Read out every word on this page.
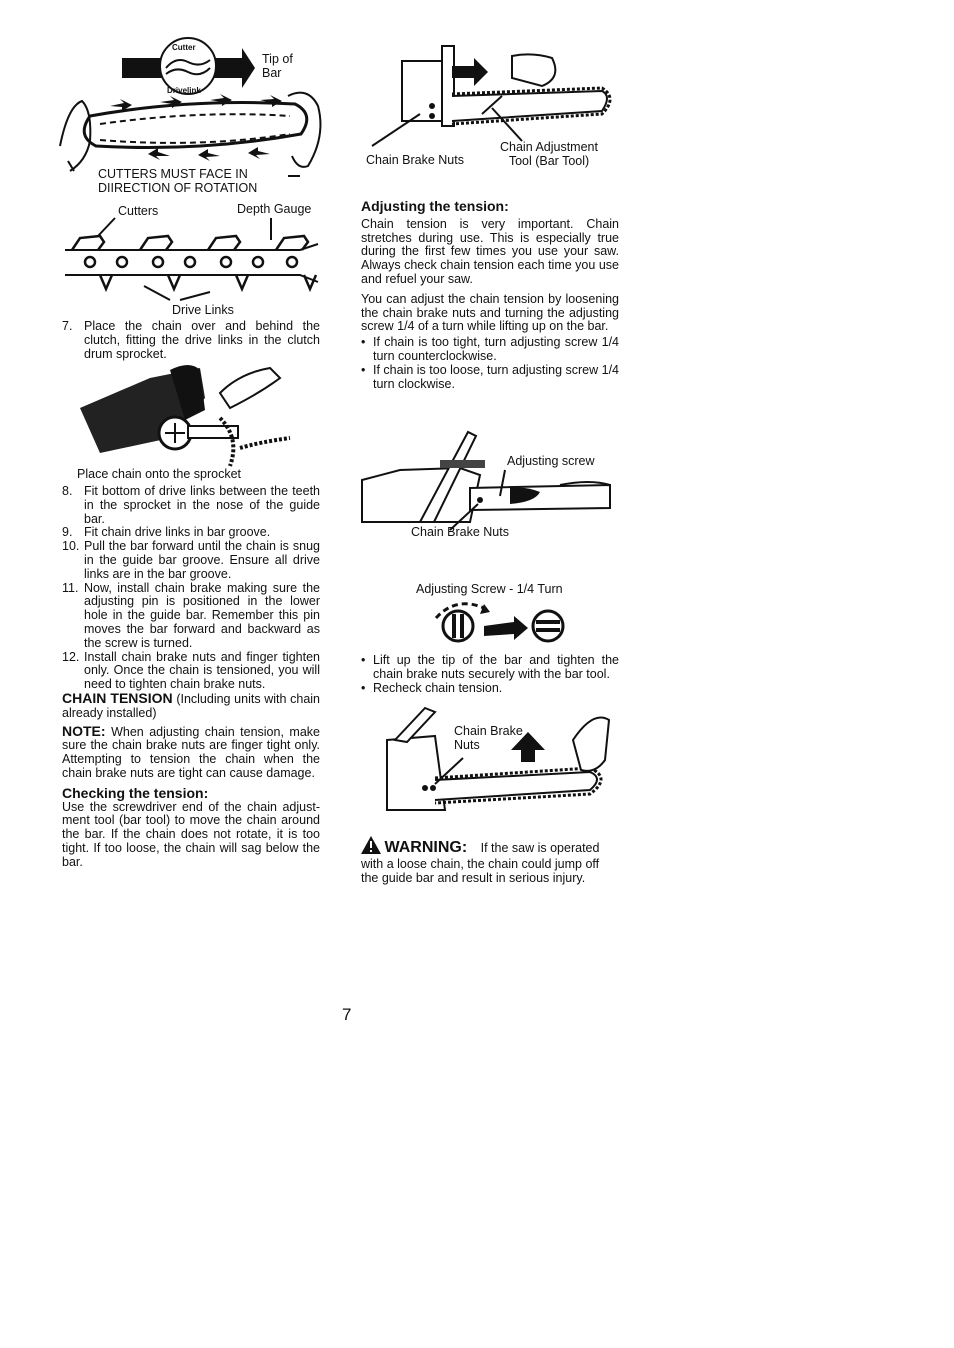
Cutter
Drivelink
Tip of Bar
CUTTERS MUST FACE IN
DIIRECTION OF ROTATION
Cutters	Depth Gauge
Drive Links
7. Place the chain over and behind the clutch, fitting the drive links in the clutch drum sprocket.
Place chain onto the sprocket
8. Fit bottom of drive links between the teeth in the sprocket in the nose of the guide bar.
9. Fit chain drive links in bar groove.
10. Pull the bar forward until the chain is snug in the guide bar groove. Ensure all drive links are in the bar groove.
11. Now, install chain brake making sure the adjusting pin is positioned in the lower hole in the guide bar. Remember this pin moves the bar forward and backward as the screw is turned.
12. Install chain brake nuts and finger tighten only. Once the chain is tensioned, you will need to tighten chain brake nuts.
CHAIN TENSION (Including units with chain already installed)
NOTE: When adjusting chain tension, make sure the chain brake nuts are finger tight only. Attempting to tension the chain when the chain brake nuts are tight can cause damage.
Checking the tension:
Use the screwdriver end of the chain adjust- ment tool (bar tool) to move the chain around the bar. If the chain does not rotate, it is too tight. If too loose, the chain will sag below the bar.
Chain Brake Nuts
Chain Adjustment
Tool (Bar Tool)
Adjusting the tension:
Chain tension is very important. Chain stretches during use. This is especially true during the first few times you use your saw. Always check chain tension each time you use and refuel your saw.
You can adjust the chain tension by loosening the chain brake nuts and turning the adjusting screw 1/4 of a turn while lifting up on the bar.
• If chain is too tight, turn adjusting screw 1/4 turn counterclockwise.
• If chain is too loose, turn adjusting screw 1/4 turn clockwise.
Adjusting screw
Chain Brake Nuts
Adjusting Screw - 1/4 Turn
• Lift up the tip of the bar and tighten the chain brake nuts securely with the bar tool.
• Recheck chain tension.
Chain Brake
Nuts
WARNING: If the saw is operated with a loose chain, the chain could jump off the guide bar and result in serious injury.
7
